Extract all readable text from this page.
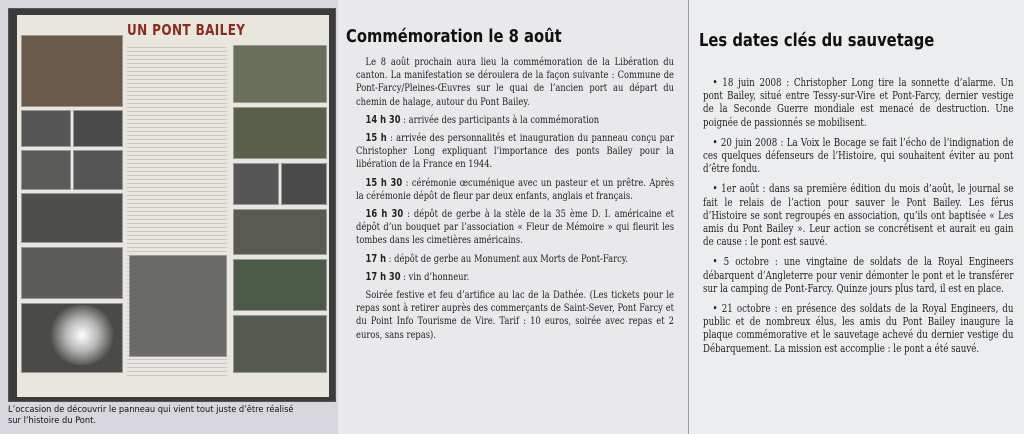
UN PONT BAILEY
L’occasion de découvrir le panneau qui vient tout juste d’être réalisé sur l’histoire du Pont.
Commémoration le 8 août

Le 8 août prochain aura lieu la commémoration de la Libération du canton. La manifestation se déroulera de la façon suivante : Commune de Pont-Farcy/Pleines-Œuvres sur le quai de l’ancien port au départ du chemin de halage, autour du Pont Bailey.

14 h 30 : arrivée des participants à la commémoration

15 h : arrivée des personnalités et inauguration du panneau conçu par Christopher Long expliquant l’importance des ponts Bailey pour la libération de la France en 1944.

15 h 30 : cérémonie œcuménique avec un pasteur et un prêtre. Après la cérémonie dépôt de fleur par deux enfants, anglais et français.

16 h 30 : dépôt de gerbe à la stèle de la 35 ème D. I. américaine et dépôt d’un bouquet par l’association « Fleur de Mémoire » qui fleurit les tombes dans les cimetières américains.

17 h : dépôt de gerbe au Monument aux Morts de Pont-Farcy.

17 h 30 : vin d’honneur.

Soirée festive et feu d’artifice au lac de la Dathée. (Les tickets pour le repas sont à retirer auprès des commerçants de Saint-Sever, Pont Farcy et du Point Info Tourisme de Vire. Tarif : 10 euros, soirée avec repas et 2 euros, sans repas).

Les dates clés du sauvetage

• 18 juin 2008 : Christopher Long tire la sonnette d’alarme. Un pont Bailey, situé entre Tessy-sur-Vire et Pont-Farcy, dernier vestige de la Seconde Guerre mondiale est menacé de destruction. Une poignée de passionnés se mobilisent.

• 20 juin 2008 : La Voix le Bocage se fait l’écho de l’indignation de ces quelques défenseurs de l’Histoire, qui souhaitent éviter au pont d’être fondu.

• 1er août : dans sa première édition du mois d’août, le journal se fait le relais de l’action pour sauver le Pont Bailey. Les férus d’Histoire se sont regroupés en association, qu’ils ont baptisée « Les amis du Pont Bailey ». Leur action se concrétisent et aurait eu gain de cause : le pont est sauvé.

• 5 octobre : une vingtaine de soldats de la Royal Engineers débarquent d’Angleterre pour venir démonter le pont et le transférer sur la camping de Pont-Farcy. Quinze jours plus tard, il est en place.

• 21 octobre : en présence des soldats de la Royal Engineers, du public et de nombreux élus, les amis du Pont Bailey inaugure la plaque commémorative et le sauvetage achevé du dernier vestige du Débarquement. La mission est accomplie : le pont a été sauvé.
